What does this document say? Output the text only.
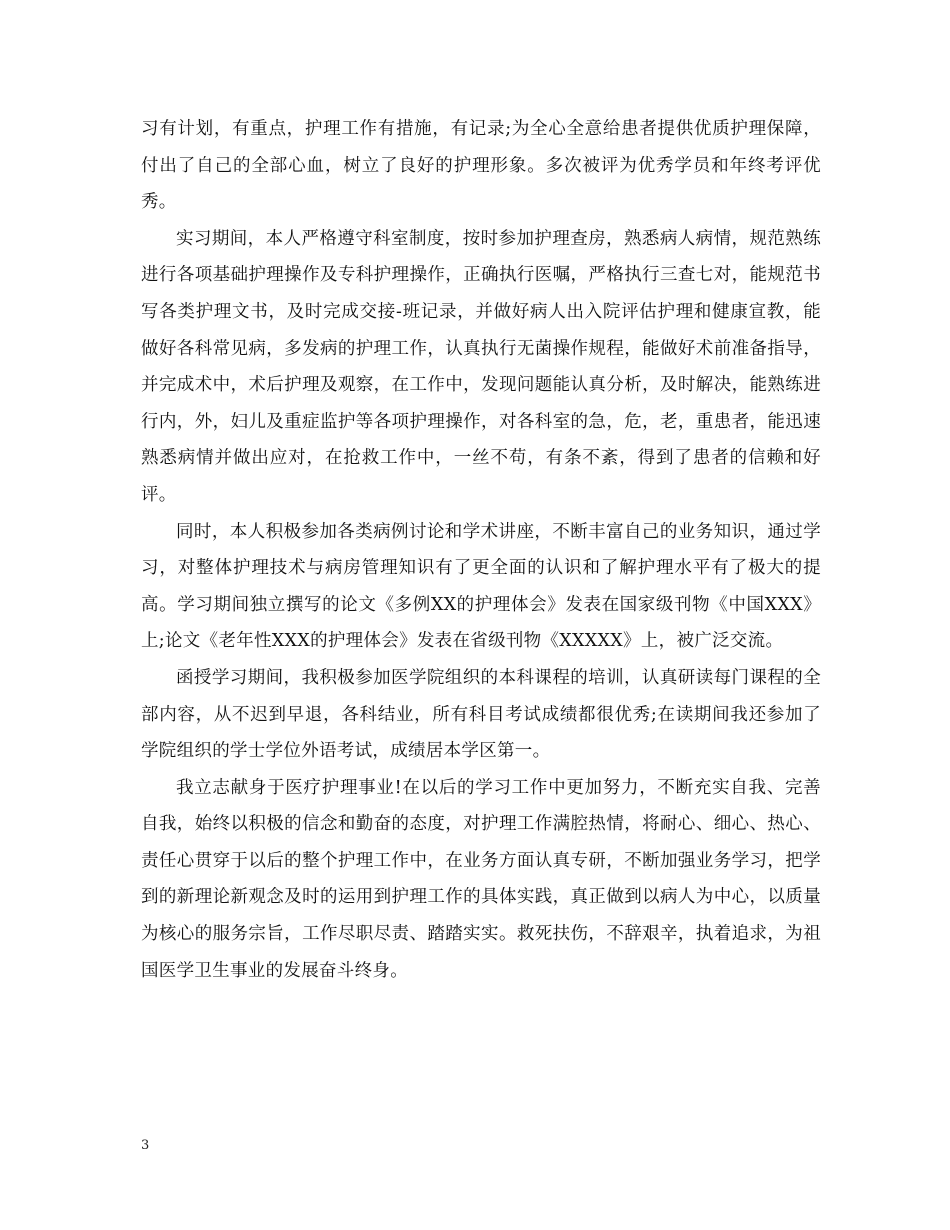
习有计划，有重点，护理工作有措施，有记录;为全心全意给患者提供优质护理保障，付出了自己的全部心血，树立了良好的护理形象。多次被评为优秀学员和年终考评优秀。

实习期间，本人严格遵守科室制度，按时参加护理查房，熟悉病人病情，规范熟练进行各项基础护理操作及专科护理操作，正确执行医嘱，严格执行三查七对，能规范书写各类护理文书，及时完成交接-班记录，并做好病人出入院评估护理和健康宣教，能做好各科常见病，多发病的护理工作，认真执行无菌操作规程，能做好术前准备指导，并完成术中，术后护理及观察，在工作中，发现问题能认真分析，及时解决，能熟练进行内，外，妇儿及重症监护等各项护理操作，对各科室的急，危，老，重患者，能迅速熟悉病情并做出应对，在抢救工作中，一丝不苟，有条不紊，得到了患者的信赖和好评。

同时，本人积极参加各类病例讨论和学术讲座，不断丰富自己的业务知识，通过学习，对整体护理技术与病房管理知识有了更全面的认识和了解护理水平有了极大的提高。学习期间独立撰写的论文《多例XX的护理体会》发表在国家级刊物《中国XXX》上;论文《老年性XXX的护理体会》发表在省级刊物《XXXXX》上，被广泛交流。

函授学习期间，我积极参加医学院组织的本科课程的培训，认真研读每门课程的全部内容，从不迟到早退，各科结业，所有科目考试成绩都很优秀;在读期间我还参加了学院组织的学士学位外语考试，成绩居本学区第一。

我立志献身于医疗护理事业!在以后的学习工作中更加努力，不断充实自我、完善自我，始终以积极的信念和勤奋的态度，对护理工作满腔热情，将耐心、细心、热心、责任心贯穿于以后的整个护理工作中，在业务方面认真专研，不断加强业务学习，把学到的新理论新观念及时的运用到护理工作的具体实践，真正做到以病人为中心，以质量为核心的服务宗旨，工作尽职尽责、踏踏实实。救死扶伤，不辞艰辛，执着追求，为祖国医学卫生事业的发展奋斗终身。

3
